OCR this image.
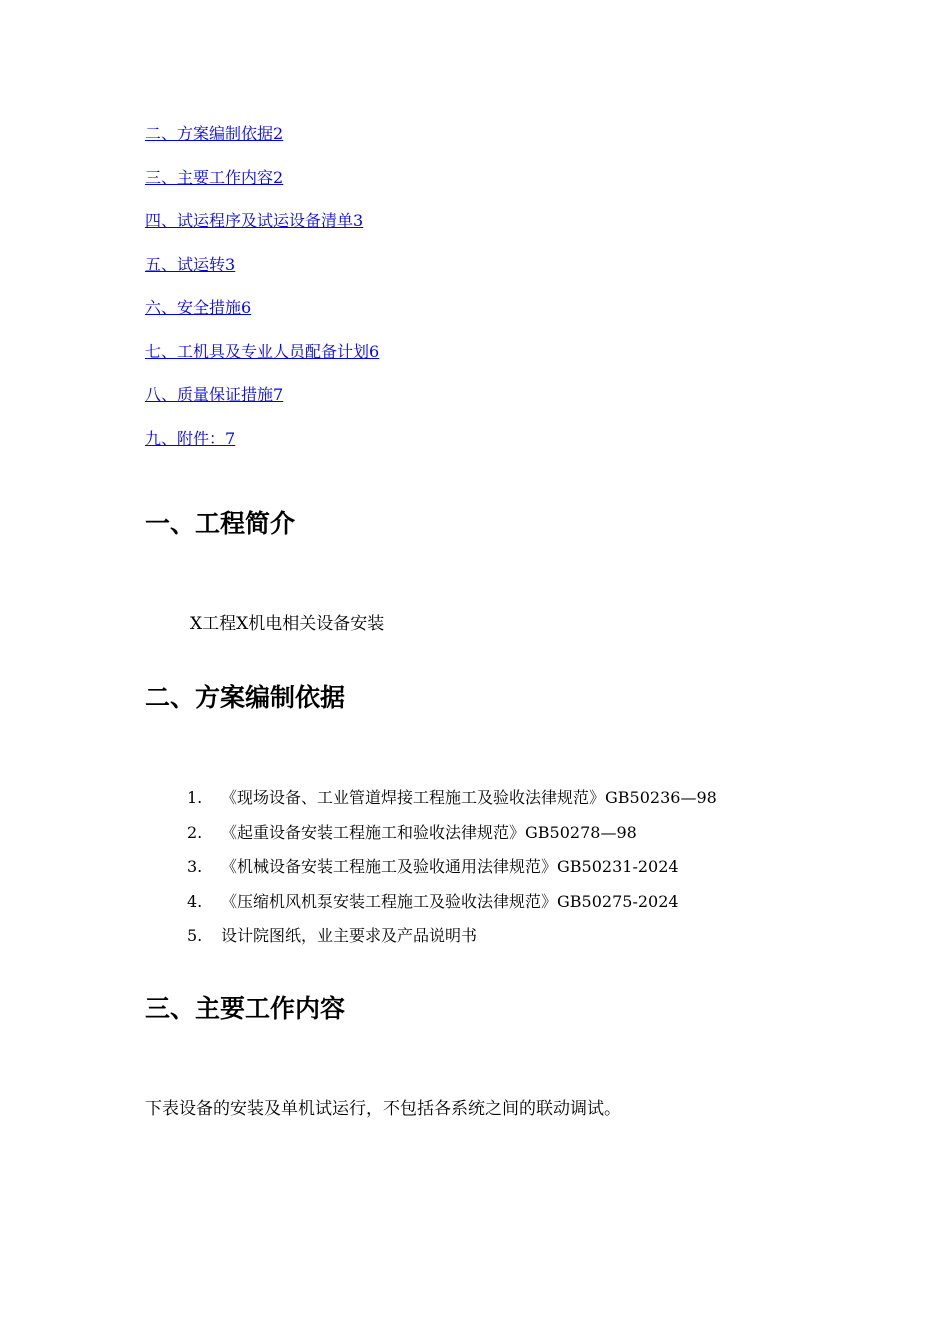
二、方案编制依据2
三、主要工作内容2
四、试运程序及试运设备清单3
五、试运转3
六、安全措施6
七、工机具及专业人员配备计划6
八、质量保证措施7
九、附件：7
一、工程简介
X工程X机电相关设备安装
二、方案编制依据
1. 《现场设备、工业管道焊接工程施工及验收法律规范》GB50236—98
2. 《起重设备安装工程施工和验收法律规范》GB50278—98
3. 《机械设备安装工程施工及验收通用法律规范》GB50231-2024
4. 《压缩机风机泵安装工程施工及验收法律规范》GB50275-2024
5. 设计院图纸，业主要求及产品说明书
三、主要工作内容
下表设备的安装及单机试运行，不包括各系统之间的联动调试。
